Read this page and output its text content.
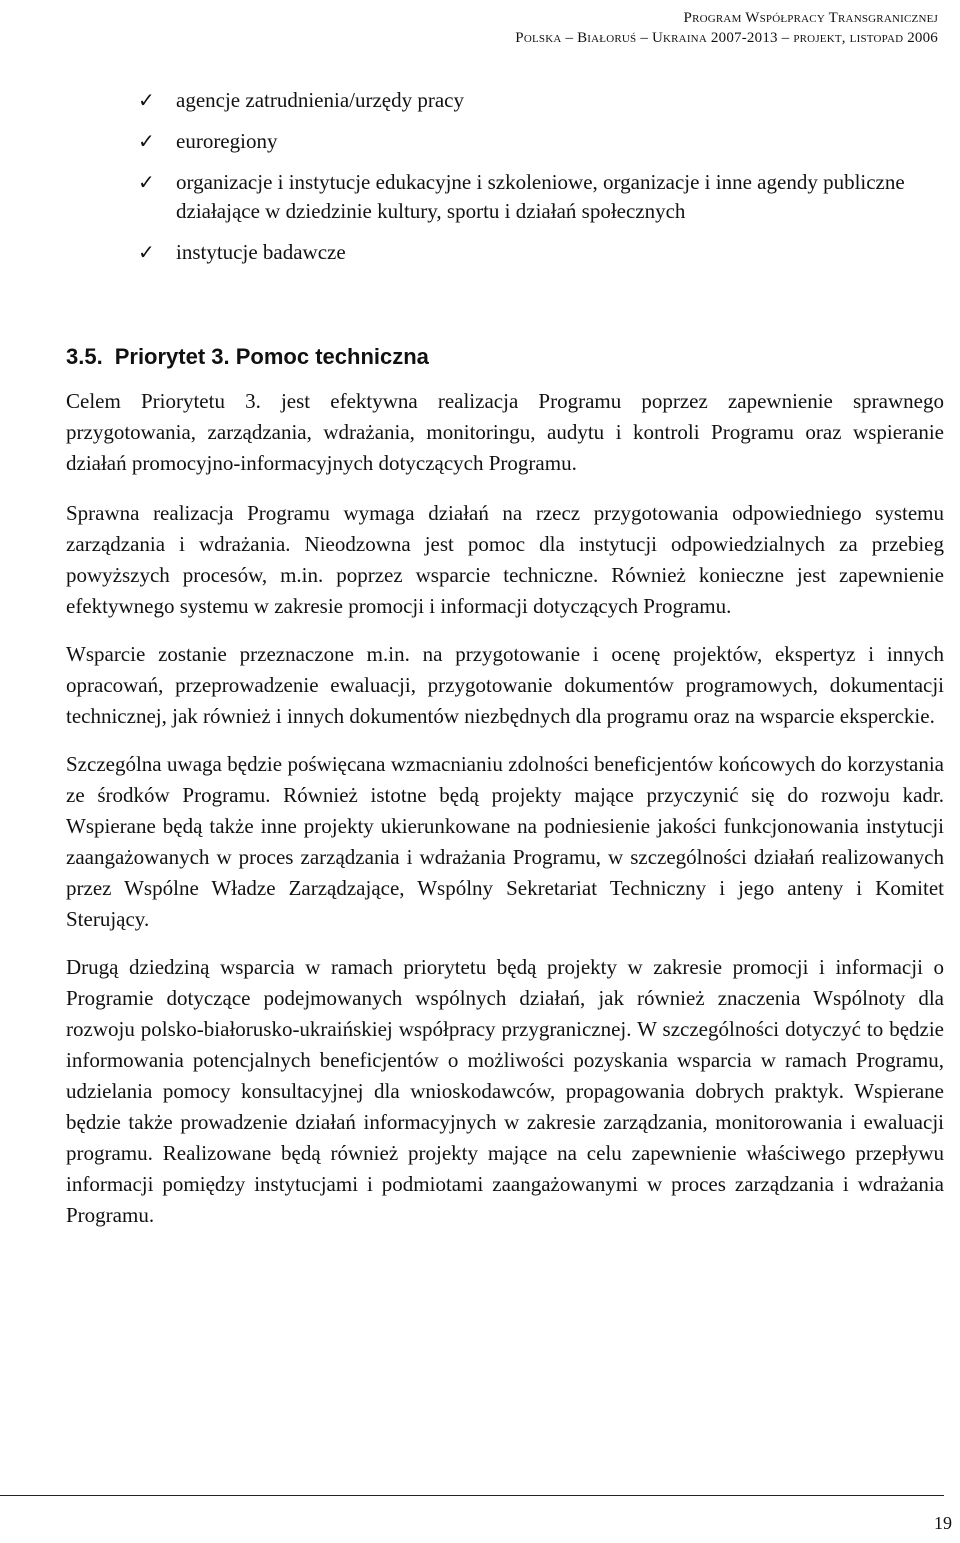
Program Współpracy Transgranicznej
Polska – Białoruś – Ukraina 2007-2013 – projekt, listopad 2006
✓	agencje zatrudnienia/urzędy pracy
✓	euroregiony
✓	organizacje i instytucje edukacyjne i szkoleniowe, organizacje i inne agendy publiczne działające w dziedzinie kultury, sportu i działań społecznych
✓	instytucje badawcze
3.5. Priorytet 3. Pomoc techniczna

Celem Priorytetu 3. jest efektywna realizacja Programu poprzez zapewnienie sprawnego przygotowania, zarządzania, wdrażania, monitoringu, audytu i kontroli Programu oraz wspieranie działań promocyjno-informacyjnych dotyczących Programu.

Sprawna realizacja Programu wymaga działań na rzecz przygotowania odpowiedniego systemu zarządzania i wdrażania. Nieodzowna jest pomoc dla instytucji odpowiedzialnych za przebieg powyższych procesów, m.in. poprzez wsparcie techniczne. Również konieczne jest zapewnienie efektywnego systemu w zakresie promocji i informacji dotyczących Programu.

Wsparcie zostanie przeznaczone m.in. na przygotowanie i ocenę projektów, ekspertyz i innych opracowań, przeprowadzenie ewaluacji, przygotowanie dokumentów programowych, dokumentacji technicznej, jak również i innych dokumentów niezbędnych dla programu oraz na wsparcie eksperckie.

Szczególna uwaga będzie poświęcana wzmacnianiu zdolności beneficjentów końcowych do korzystania ze środków Programu. Również istotne będą projekty mające przyczynić się do rozwoju kadr. Wspierane będą także inne projekty ukierunkowane na podniesienie jakości funkcjonowania instytucji zaangażowanych w proces zarządzania i wdrażania Programu, w szczególności działań realizowanych przez Wspólne Władze Zarządzające, Wspólny Sekretariat Techniczny i jego anteny i Komitet Sterujący.

Drugą dziedziną wsparcia w ramach priorytetu będą projekty w zakresie promocji i informacji o Programie dotyczące podejmowanych wspólnych działań, jak również znaczenia Wspólnoty dla rozwoju polsko-białorusko-ukraińskiej współpracy przygranicznej. W szczególności dotyczyć to będzie informowania potencjalnych beneficjentów o możliwości pozyskania wsparcia w ramach Programu, udzielania pomocy konsultacyjnej dla wnioskodawców, propagowania dobrych praktyk. Wspierane będzie także prowadzenie działań informacyjnych w zakresie zarządzania, monitorowania i ewaluacji programu. Realizowane będą również projekty mające na celu zapewnienie właściwego przepływu informacji pomiędzy instytucjami i podmiotami zaangażowanymi w proces zarządzania i wdrażania Programu.

19
